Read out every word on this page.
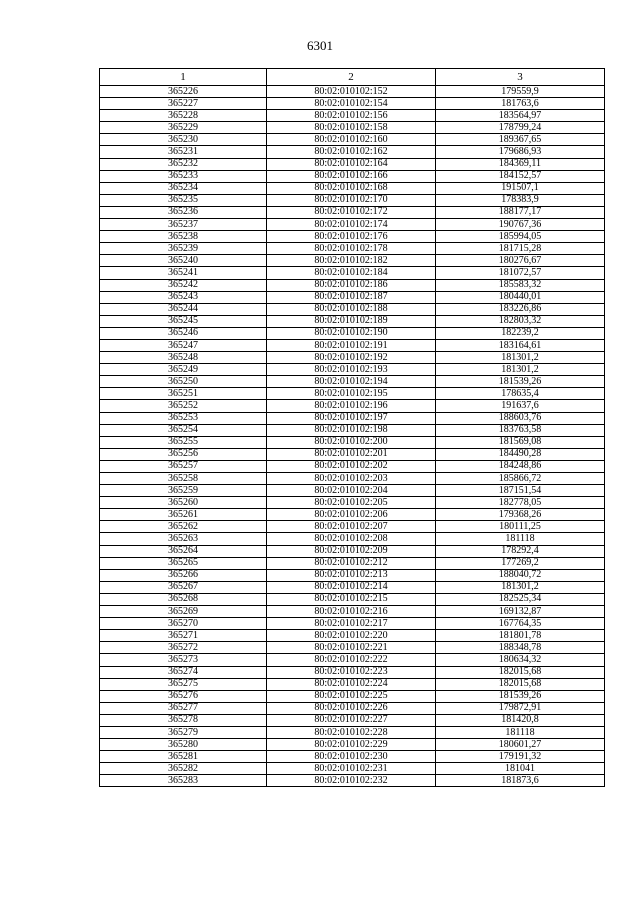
6301
1	2	3
365226	80:02:010102:152	179559,9
365227	80:02:010102:154	181763,6
365228	80:02:010102:156	183564,97
365229	80:02:010102:158	178799,24
365230	80:02:010102:160	189367,65
365231	80:02:010102:162	179686,93
365232	80:02:010102:164	184369,11
365233	80:02:010102:166	184152,57
365234	80:02:010102:168	191507,1
365235	80:02:010102:170	178383,9
365236	80:02:010102:172	188177,17
365237	80:02:010102:174	190767,36
365238	80:02:010102:176	185994,05
365239	80:02:010102:178	181715,28
365240	80:02:010102:182	180276,67
365241	80:02:010102:184	181072,57
365242	80:02:010102:186	185583,32
365243	80:02:010102:187	180440,01
365244	80:02:010102:188	183226,86
365245	80:02:010102:189	182803,32
365246	80:02:010102:190	182239,2
365247	80:02:010102:191	183164,61
365248	80:02:010102:192	181301,2
365249	80:02:010102:193	181301,2
365250	80:02:010102:194	181539,26
365251	80:02:010102:195	178635,4
365252	80:02:010102:196	191637,6
365253	80:02:010102:197	188603,76
365254	80:02:010102:198	183763,58
365255	80:02:010102:200	181569,08
365256	80:02:010102:201	184490,28
365257	80:02:010102:202	184248,86
365258	80:02:010102:203	185866,72
365259	80:02:010102:204	187151,54
365260	80:02:010102:205	182778,05
365261	80:02:010102:206	179368,26
365262	80:02:010102:207	180111,25
365263	80:02:010102:208	181118
365264	80:02:010102:209	178292,4
365265	80:02:010102:212	177269,2
365266	80:02:010102:213	188040,72
365267	80:02:010102:214	181301,2
365268	80:02:010102:215	182525,34
365269	80:02:010102:216	169132,87
365270	80:02:010102:217	167764,35
365271	80:02:010102:220	181801,78
365272	80:02:010102:221	188348,78
365273	80:02:010102:222	180634,32
365274	80:02:010102:223	182015,68
365275	80:02:010102:224	182015,68
365276	80:02:010102:225	181539,26
365277	80:02:010102:226	179872,91
365278	80:02:010102:227	181420,8
365279	80:02:010102:228	181118
365280	80:02:010102:229	180601,27
365281	80:02:010102:230	179191,32
365282	80:02:010102:231	181041
365283	80:02:010102:232	181873,6
